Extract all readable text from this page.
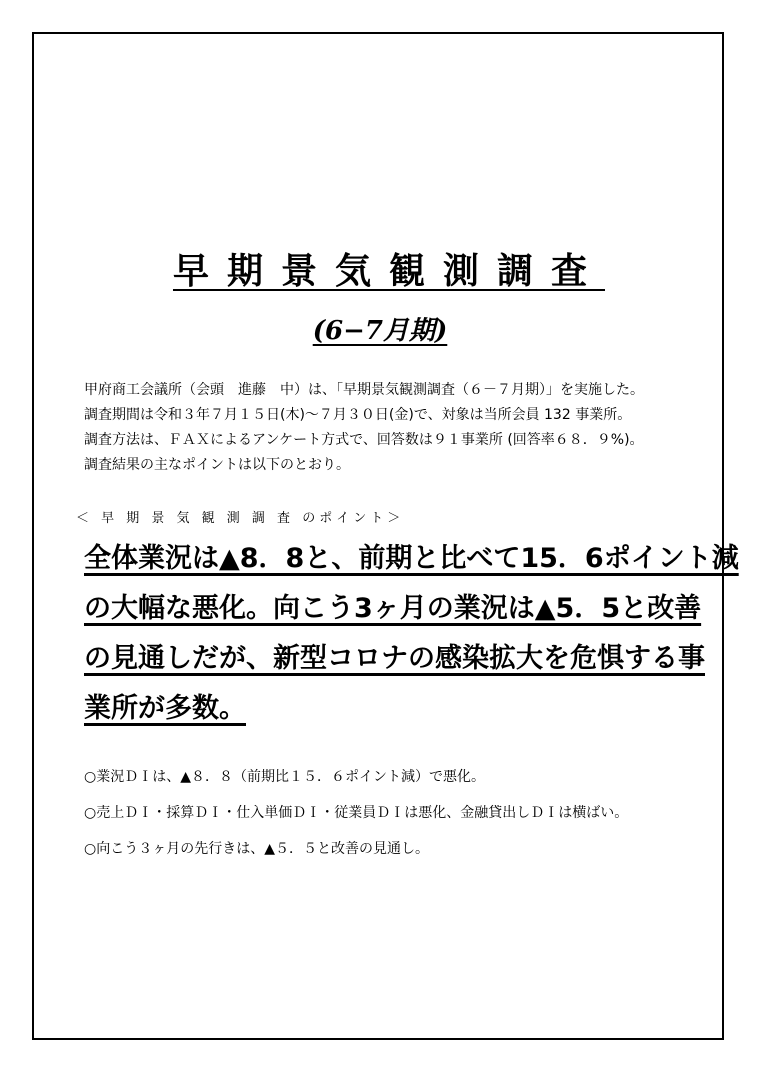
早期景気観測調査
(6−7月期)
甲府商工会議所（会頭　進藤　中）は、「早期景気観測調査（６－７月期）」を実施した。
調査期間は令和３年７月１５日(木)～７月３０日(金)で、対象は当所会員 132 事業所。
調査方法は、ＦＡＸによるアンケート方式で、回答数は９１事業所 (回答率６８．９%)。
調査結果の主なポイントは以下のとおり。
＜ 早 期 景 気 観 測 調 査 のポイント＞
全体業況は▲8．8と、前期と比べて15．6ポイント減
の大幅な悪化。向こう3ヶ月の業況は▲5．5と改善
の見通しだが、新型コロナの感染拡大を危惧する事
業所が多数。
○業況ＤＩは、▲８．８（前期比１５．６ポイント減）で悪化。
○売上ＤＩ・採算ＤＩ・仕入単価ＤＩ・従業員ＤＩは悪化、金融貸出しＤＩは横ばい。
○向こう３ヶ月の先行きは、▲５．５と改善の見通し。
